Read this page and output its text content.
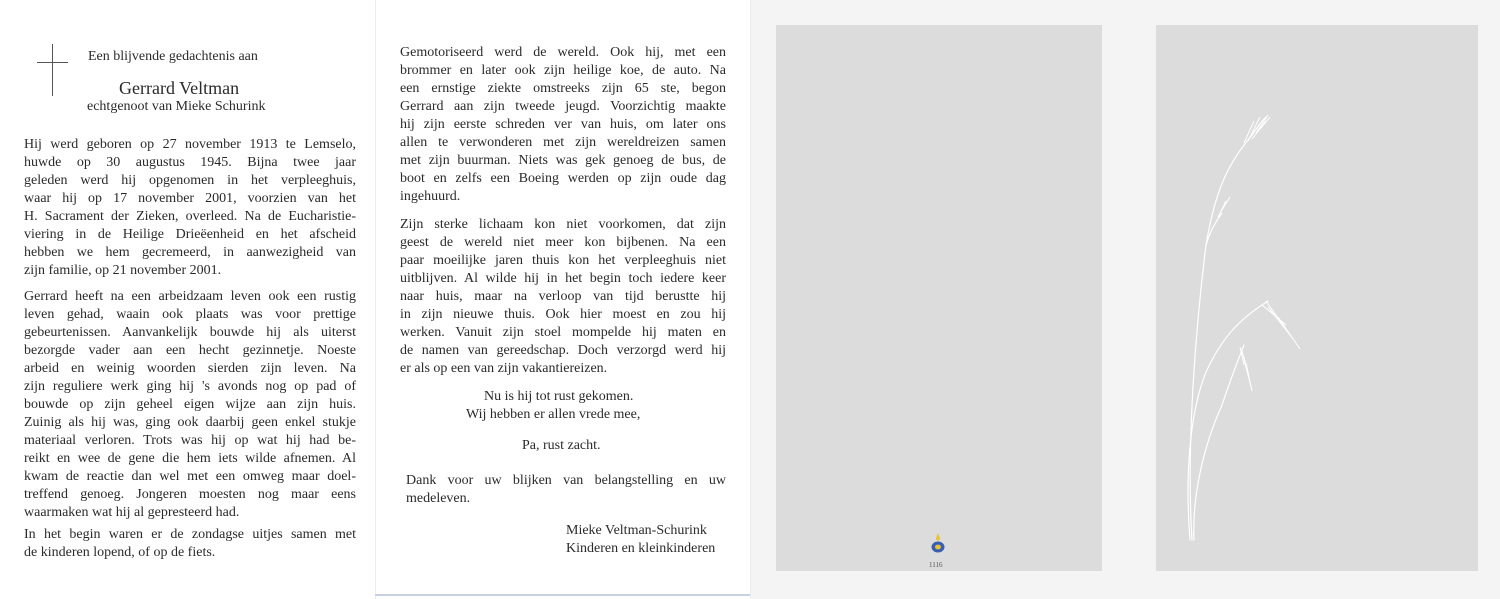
Een blijvende gedachtenis aan
Gerrard Veltman
echtgenoot van Mieke Schurink
Hij werd geboren op 27 november 1913 te Lemselo,
huwde op 30 augustus 1945. Bijna twee jaar
geleden werd hij opgenomen in het verpleeghuis,
waar hij op 17 november 2001, voorzien van het
H. Sacrament der Zieken, overleed. Na de Eucharistie-
viering in de Heilige Drieëenheid en het afscheid
hebben we hem gecremeerd, in aanwezigheid van
zijn familie, op 21 november 2001.
Gerrard heeft na een arbeidzaam leven ook een rustig
leven gehad, waain ook plaats was voor prettige
gebeurtenissen. Aanvankelijk bouwde hij als uiterst
bezorgde vader aan een hecht gezinnetje. Noeste
arbeid en weinig woorden sierden zijn leven. Na
zijn reguliere werk ging hij 's avonds nog op pad of
bouwde op zijn geheel eigen wijze aan zijn huis.
Zuinig als hij was, ging ook daarbij geen enkel stukje
materiaal verloren. Trots was hij op wat hij had be-
reikt en wee de gene die hem iets wilde afnemen. Al
kwam de reactie dan wel met een omweg maar doel-
treffend genoeg. Jongeren moesten nog maar eens
waarmaken wat hij al gepresteerd had.
In het begin waren er de zondagse uitjes samen met
de kinderen lopend, of op de fiets.
Gemotoriseerd werd de wereld. Ook hij, met een
brommer en later ook zijn heilige koe, de auto. Na
een ernstige ziekte omstreeks zijn 65 ste, begon
Gerrard aan zijn tweede jeugd. Voorzichtig maakte
hij zijn eerste schreden ver van huis, om later ons
allen te verwonderen met zijn wereldreizen samen
met zijn buurman. Niets was gek genoeg de bus, de
boot en zelfs een Boeing werden op zijn oude dag
ingehuurd.
Zijn sterke lichaam kon niet voorkomen, dat zijn
geest de wereld niet meer kon bijbenen. Na een
paar moeilijke jaren thuis kon het verpleeghuis niet
uitblijven. Al wilde hij in het begin toch iedere keer
naar huis, maar na verloop van tijd berustte hij
in zijn nieuwe thuis. Ook hier moest en zou hij
werken. Vanuit zijn stoel mompelde hij maten en
de namen van gereedschap. Doch verzorgd werd hij
er als op een van zijn vakantiereizen.
Nu is hij tot rust gekomen.
Wij hebben er allen vrede mee,
Pa, rust zacht.
Dank voor uw blijken van belangstelling en uw
medeleven.
Mieke Veltman-Schurink
Kinderen en kleinkinderen
1116
